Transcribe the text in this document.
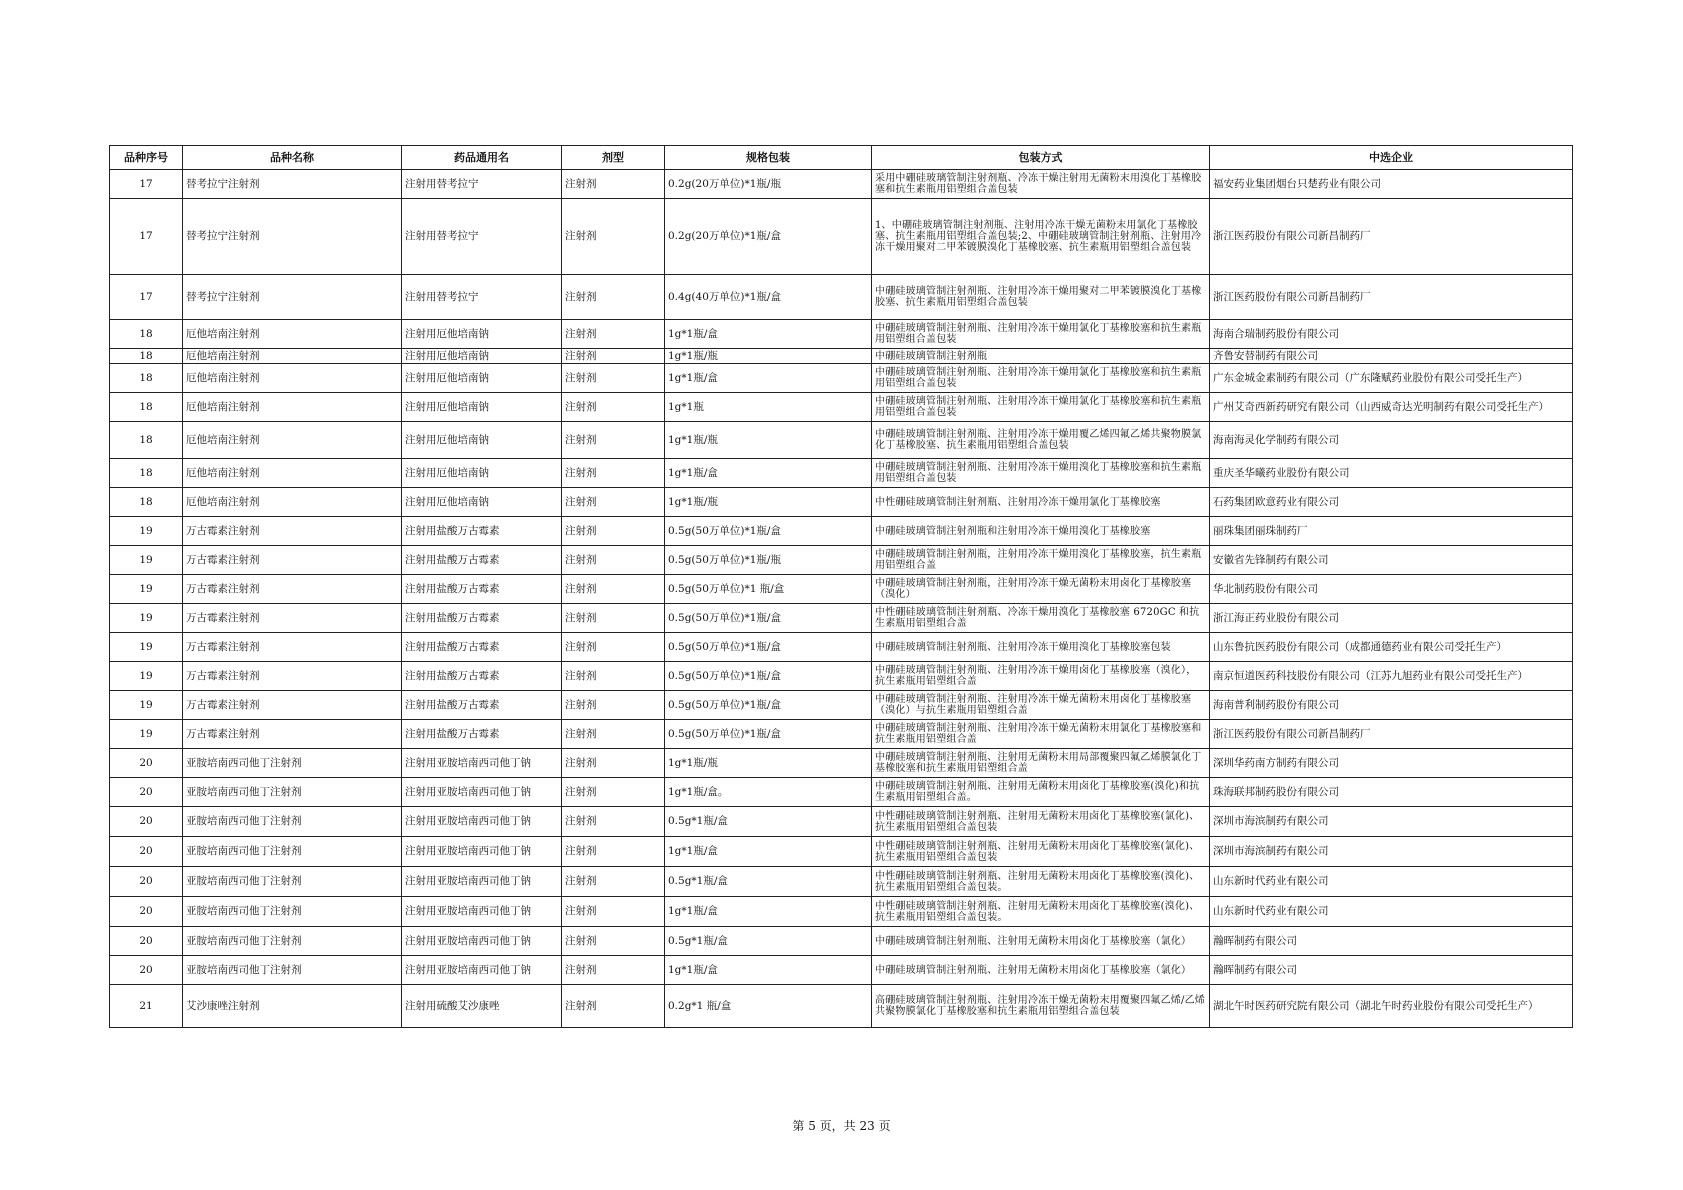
品种序号	品种名称	药品通用名	剂型	规格包装	包装方式	中选企业
17	替考拉宁注射剂	注射用替考拉宁	注射剂	0.2g(20万单位)*1瓶/瓶	采用中硼硅玻璃管制注射剂瓶、冷冻干燥注射用无菌粉末用溴化丁基橡胶塞和抗生素瓶用铝塑组合盖包装	福安药业集团烟台只楚药业有限公司
17	替考拉宁注射剂	注射用替考拉宁	注射剂	0.2g(20万单位)*1瓶/盒	1、中硼硅玻璃管制注射剂瓶、注射用冷冻干燥无菌粉末用氯化丁基橡胶塞、抗生素瓶用铝塑组合盖包装;2、中硼硅玻璃管制注射剂瓶、注射用冷冻干燥用聚对二甲苯镀膜溴化丁基橡胶塞、抗生素瓶用铝塑组合盖包装	浙江医药股份有限公司新昌制药厂
17	替考拉宁注射剂	注射用替考拉宁	注射剂	0.4g(40万单位)*1瓶/盒	中硼硅玻璃管制注射剂瓶、注射用冷冻干燥用聚对二甲苯镀膜溴化丁基橡胶塞、抗生素瓶用铝塑组合盖包装	浙江医药股份有限公司新昌制药厂
18	厄他培南注射剂	注射用厄他培南钠	注射剂	1g*1瓶/盒	中硼硅玻璃管制注射剂瓶、注射用冷冻干燥用氯化丁基橡胶塞和抗生素瓶用铝塑组合盖包装	海南合瑞制药股份有限公司
18	厄他培南注射剂	注射用厄他培南钠	注射剂	1g*1瓶/瓶	中硼硅玻璃管制注射剂瓶	齐鲁安替制药有限公司
18	厄他培南注射剂	注射用厄他培南钠	注射剂	1g*1瓶/盒	中硼硅玻璃管制注射剂瓶、注射用冷冻干燥用氯化丁基橡胶塞和抗生素瓶用铝塑组合盖包装	广东金城金素制药有限公司（广东隆赋药业股份有限公司受托生产）
18	厄他培南注射剂	注射用厄他培南钠	注射剂	1g*1瓶	中硼硅玻璃管制注射剂瓶、注射用冷冻干燥用氯化丁基橡胶塞和抗生素瓶用铝塑组合盖包装	广州艾奇西新药研究有限公司（山西威奇达光明制药有限公司受托生产）
18	厄他培南注射剂	注射用厄他培南钠	注射剂	1g*1瓶/瓶	中硼硅玻璃管制注射剂瓶、注射用冷冻干燥用覆乙烯四氟乙烯共聚物膜氯化丁基橡胶塞、抗生素瓶用铝塑组合盖包装	海南海灵化学制药有限公司
18	厄他培南注射剂	注射用厄他培南钠	注射剂	1g*1瓶/盒	中硼硅玻璃管制注射剂瓶、注射用冷冻干燥用溴化丁基橡胶塞和抗生素瓶用铝塑组合盖包装	重庆圣华曦药业股份有限公司
18	厄他培南注射剂	注射用厄他培南钠	注射剂	1g*1瓶/瓶	中性硼硅玻璃管制注射剂瓶、注射用冷冻干燥用氯化丁基橡胶塞	石药集团欧意药业有限公司
19	万古霉素注射剂	注射用盐酸万古霉素	注射剂	0.5g(50万单位)*1瓶/盒	中硼硅玻璃管制注射剂瓶和注射用冷冻干燥用溴化丁基橡胶塞	丽珠集团丽珠制药厂
19	万古霉素注射剂	注射用盐酸万古霉素	注射剂	0.5g(50万单位)*1瓶/瓶	中硼硅玻璃管制注射剂瓶，注射用冷冻干燥用溴化丁基橡胶塞，抗生素瓶用铝塑组合盖	安徽省先锋制药有限公司
19	万古霉素注射剂	注射用盐酸万古霉素	注射剂	0.5g(50万单位)*1 瓶/盒	中硼硅玻璃管制注射剂瓶，注射用冷冻干燥无菌粉末用卤化丁基橡胶塞（溴化）	华北制药股份有限公司
19	万古霉素注射剂	注射用盐酸万古霉素	注射剂	0.5g(50万单位)*1瓶/盒	中性硼硅玻璃管制注射剂瓶、冷冻干燥用溴化丁基橡胶塞 6720GC 和抗生素瓶用铝塑组合盖	浙江海正药业股份有限公司
19	万古霉素注射剂	注射用盐酸万古霉素	注射剂	0.5g(50万单位)*1瓶/盒	中硼硅玻璃管制注射剂瓶、注射用冷冻干燥用溴化丁基橡胶塞包装	山东鲁抗医药股份有限公司（成都通德药业有限公司受托生产）
19	万古霉素注射剂	注射用盐酸万古霉素	注射剂	0.5g(50万单位)*1瓶/盒	中硼硅玻璃管制注射剂瓶、注射用冷冻干燥用卤化丁基橡胶塞（溴化），抗生素瓶用铝塑组合盖	南京恒道医药科技股份有限公司（江苏九旭药业有限公司受托生产）
19	万古霉素注射剂	注射用盐酸万古霉素	注射剂	0.5g(50万单位)*1瓶/盒	中硼硅玻璃管制注射剂瓶、注射用冷冻干燥无菌粉末用卤化丁基橡胶塞（溴化）与抗生素瓶用铝塑组合盖	海南普利制药股份有限公司
19	万古霉素注射剂	注射用盐酸万古霉素	注射剂	0.5g(50万单位)*1瓶/盒	中硼硅玻璃管制注射剂瓶、注射用冷冻干燥无菌粉末用氯化丁基橡胶塞和抗生素瓶用铝塑组合盖	浙江医药股份有限公司新昌制药厂
20	亚胺培南西司他丁注射剂	注射用亚胺培南西司他丁钠	注射剂	1g*1瓶/瓶	中硼硅玻璃管制注射剂瓶、注射用无菌粉末用局部覆聚四氟乙烯膜氯化丁基橡胶塞和抗生素瓶用铝塑组合盖	深圳华药南方制药有限公司
20	亚胺培南西司他丁注射剂	注射用亚胺培南西司他丁钠	注射剂	1g*1瓶/盒。	中硼硅玻璃管制注射剂瓶、注射用无菌粉末用卤化丁基橡胶塞(溴化)和抗生素瓶用铝塑组合盖。	珠海联邦制药股份有限公司
20	亚胺培南西司他丁注射剂	注射用亚胺培南西司他丁钠	注射剂	0.5g*1瓶/盒	中性硼硅玻璃管制注射剂瓶、注射用无菌粉末用卤化丁基橡胶塞(氯化)、抗生素瓶用铝塑组合盖包装	深圳市海滨制药有限公司
20	亚胺培南西司他丁注射剂	注射用亚胺培南西司他丁钠	注射剂	1g*1瓶/盒	中性硼硅玻璃管制注射剂瓶、注射用无菌粉末用卤化丁基橡胶塞(氯化)、抗生素瓶用铝塑组合盖包装	深圳市海滨制药有限公司
20	亚胺培南西司他丁注射剂	注射用亚胺培南西司他丁钠	注射剂	0.5g*1瓶/盒	中性硼硅玻璃管制注射剂瓶、注射用无菌粉末用卤化丁基橡胶塞(溴化)、抗生素瓶用铝塑组合盖包装。	山东新时代药业有限公司
20	亚胺培南西司他丁注射剂	注射用亚胺培南西司他丁钠	注射剂	1g*1瓶/盒	中性硼硅玻璃管制注射剂瓶、注射用无菌粉末用卤化丁基橡胶塞(溴化)、抗生素瓶用铝塑组合盖包装。	山东新时代药业有限公司
20	亚胺培南西司他丁注射剂	注射用亚胺培南西司他丁钠	注射剂	0.5g*1瓶/盒	中硼硅玻璃管制注射剂瓶、注射用无菌粉末用卤化丁基橡胶塞（氯化）	瀚晖制药有限公司
20	亚胺培南西司他丁注射剂	注射用亚胺培南西司他丁钠	注射剂	1g*1瓶/盒	中硼硅玻璃管制注射剂瓶、注射用无菌粉末用卤化丁基橡胶塞（氯化）	瀚晖制药有限公司
21	艾沙康唑注射剂	注射用硫酸艾沙康唑	注射剂	0.2g*1 瓶/盒	高硼硅玻璃管制注射剂瓶、注射用冷冻干燥无菌粉末用覆聚四氟乙烯/乙烯共聚物膜氯化丁基橡胶塞和抗生素瓶用铝塑组合盖包装	湖北午时医药研究院有限公司（湖北午时药业股份有限公司受托生产）
第 5 页，共 23 页
